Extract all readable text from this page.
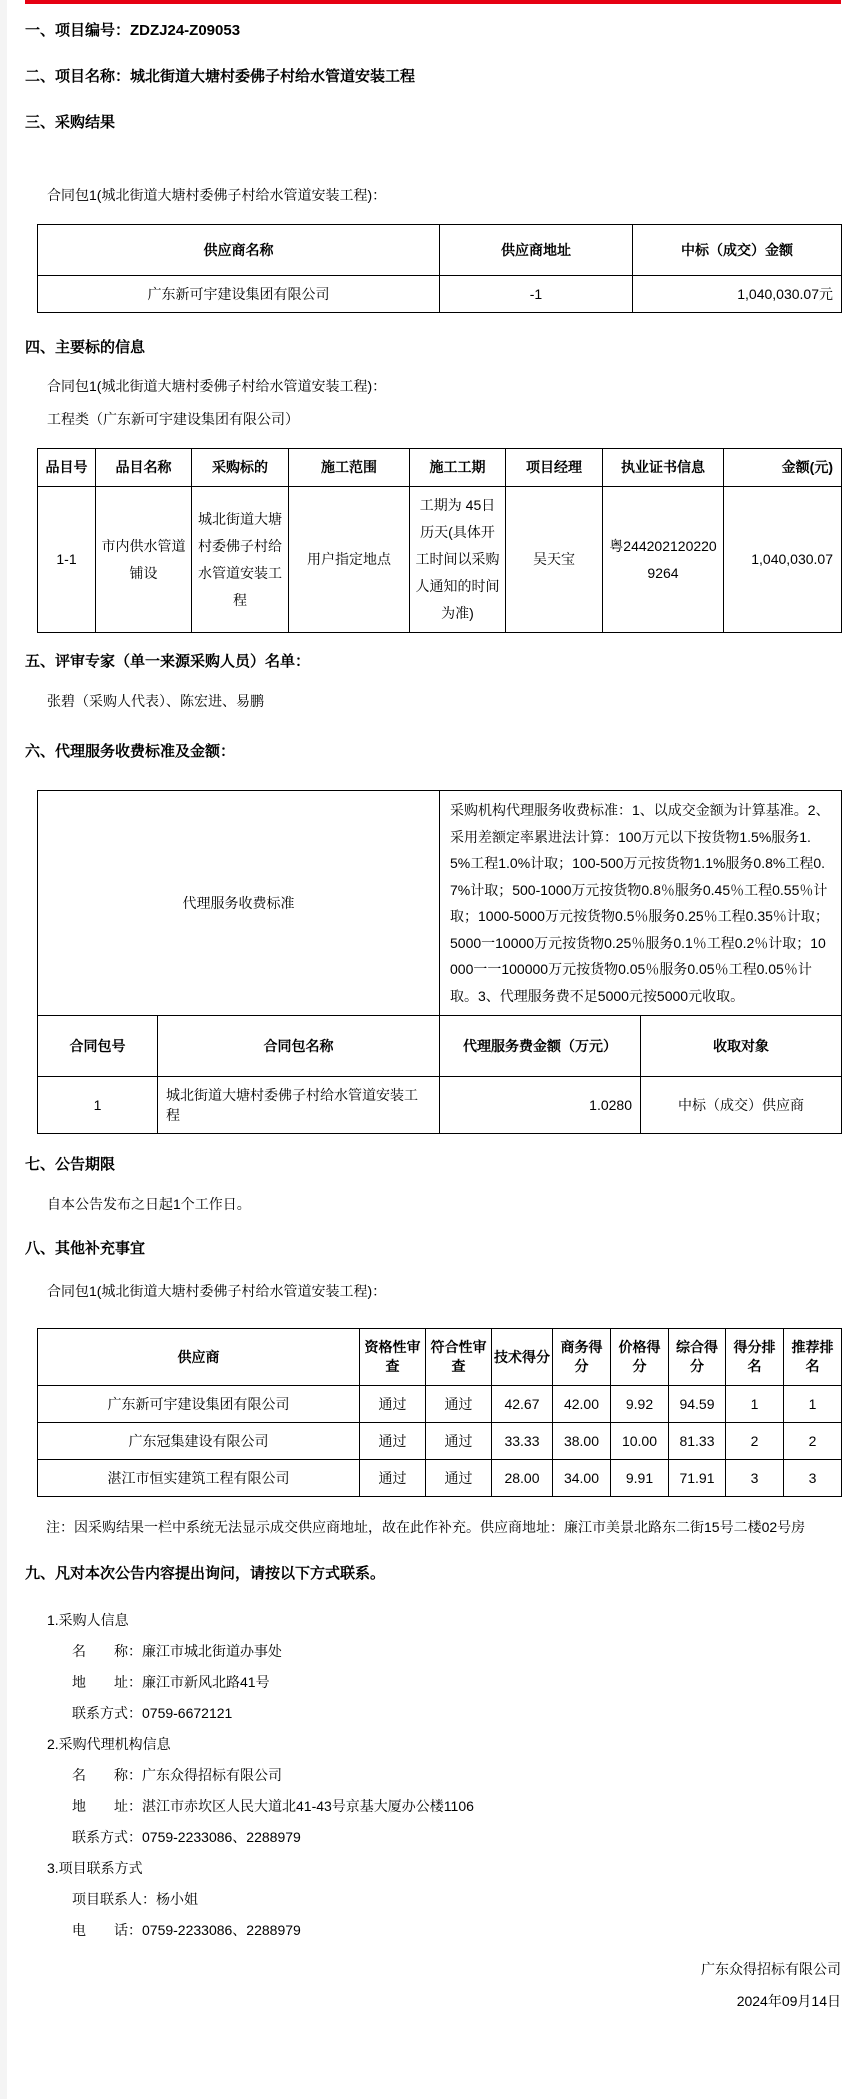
一、项目编号：ZDZJ24-Z09053
二、项目名称：城北街道大塘村委佛子村给水管道安装工程
三、采购结果
合同包1(城北街道大塘村委佛子村给水管道安装工程)：
供应商名称	供应商地址	中标（成交）金额
广东新可宇建设集团有限公司	-1	1,040,030.07元
四、主要标的信息
合同包1(城北街道大塘村委佛子村给水管道安装工程)：
工程类（广东新可宇建设集团有限公司）
品目号	品目名称	采购标的	施工范围	施工工期	项目经理	执业证书信息	金额(元)
1-1	市内供水管道铺设	城北街道大塘村委佛子村给水管道安装工程	用户指定地点	工期为 45日历天(具体开工时间以采购人通知的时间为准)	吴天宝	粤2442021202209264	1,040,030.07
五、评审专家（单一来源采购人员）名单：
张碧（采购人代表）、陈宏进、易鹏
六、代理服务收费标准及金额：
代理服务收费标准		采购机构代理服务收费标准：1、以成交金额为计算基准。2、采用差额定率累进法计算：100万元以下按货物1.5%服务1.5%工程1.0%计取；100-500万元按货物1.1%服务0.8%工程0.7%计取；500-1000万元按货物0.8％服务0.45％工程0.55％计取；1000-5000万元按货物0.5％服务0.25％工程0.35％计取；5000一10000万元按货物0.25％服务0.1％工程0.2％计取；10000一一100000万元按货物0.05％服务0.05％工程0.05％计取。3、代理服务费不足5000元按5000元收取。	
合同包号	合同包名称	代理服务费金额（万元）	收取对象
1	城北街道大塘村委佛子村给水管道安装工程	1.0280	中标（成交）供应商
七、公告期限
自本公告发布之日起1个工作日。
八、其他补充事宜
合同包1(城北街道大塘村委佛子村给水管道安装工程)：
供应商	资格性审查	符合性审查	技术得分	商务得分	价格得分	综合得分	得分排名	推荐排名
广东新可宇建设集团有限公司	通过	通过	42.67	42.00	9.92	94.59	1	1
广东冠集建设有限公司	通过	通过	33.33	38.00	10.00	81.33	2	2
湛江市恒实建筑工程有限公司	通过	通过	28.00	34.00	9.91	71.91	3	3
注：因采购结果一栏中系统无法显示成交供应商地址，故在此作补充。供应商地址：廉江市美景北路东二街15号二楼02号房
九、凡对本次公告内容提出询问，请按以下方式联系。
1.采购人信息
名　　称：廉江市城北街道办事处
地　　址：廉江市新风北路41号
联系方式：0759-6672121
2.采购代理机构信息
名　　称：广东众得招标有限公司
地　　址：湛江市赤坎区人民大道北41-43号京基大厦办公楼1106
联系方式：0759-2233086、2288979
3.项目联系方式
项目联系人：杨小姐
电　　话：0759-2233086、2288979
广东众得招标有限公司
2024年09月14日
